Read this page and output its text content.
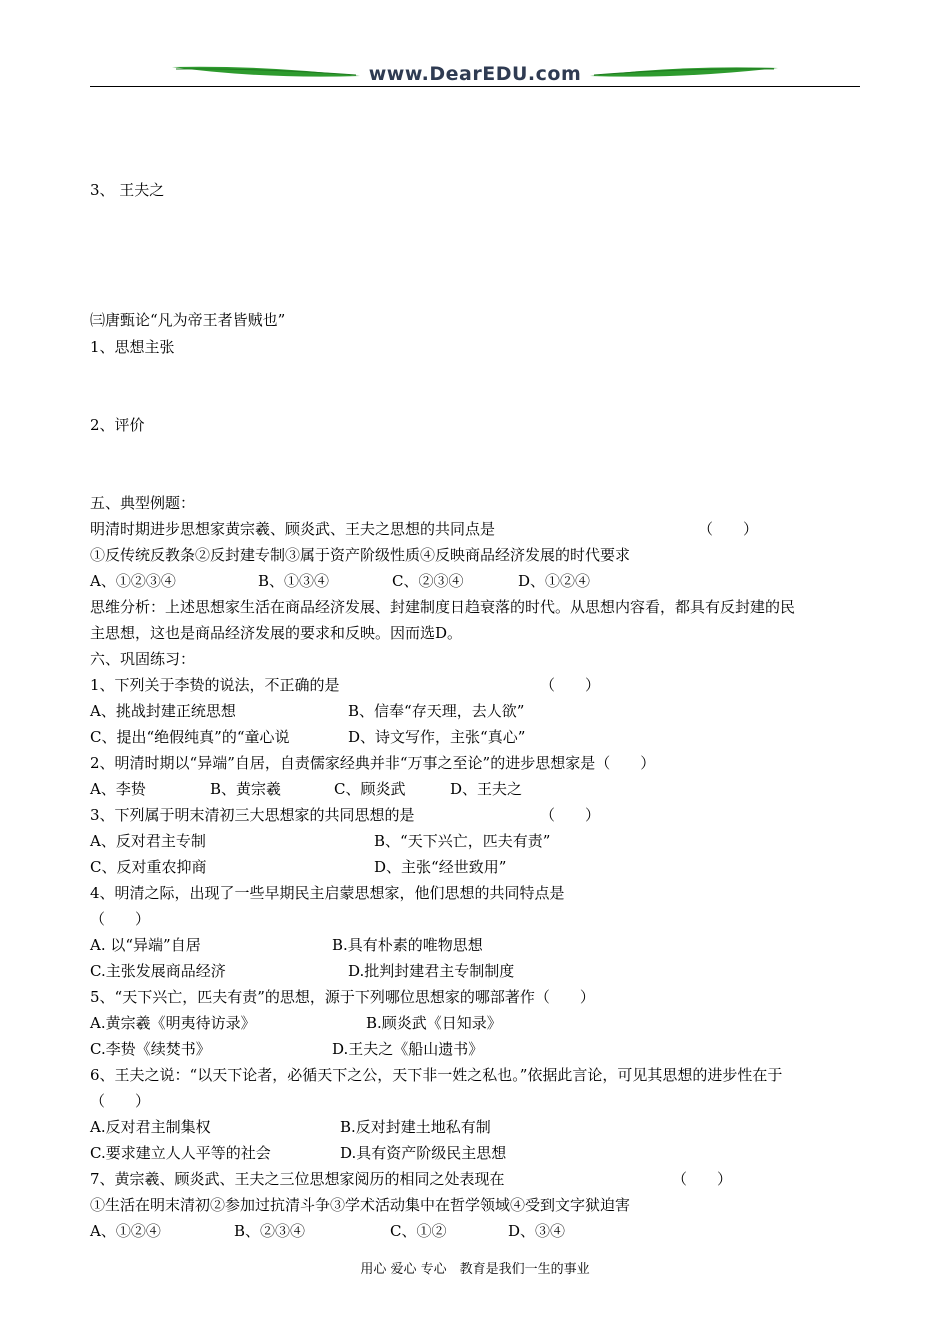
www.DearEDU.com

3、 王夫之

㈢唐甄论“凡为帝王者皆贼也”

1、思想主张

2、评价

五、典型例题：

明清时期进步思想家黄宗羲、顾炎武、王夫之思想的共同点是	（　　）

①反传统反教条②反封建专制③属于资产阶级性质④反映商品经济发展的时代要求

A、①②③④	B、①③④	C、②③④	D、①②④

思维分析：上述思想家生活在商品经济发展、封建制度日趋衰落的时代。从思想内容看，都具有反封建的民

主思想，这也是商品经济发展的要求和反映。因而选D。

六、巩固练习：

1、下列关于李贽的说法，不正确的是	（　　）
A、挑战封建正统思想	B、信奉“存天理，去人欲”
C、提出“绝假纯真”的“童心说	D、诗文写作，主张“真心”

2、明清时期以“异端”自居，自责儒家经典并非“万事之至论”的进步思想家是（　　）

A、李贽	B、黄宗羲	C、顾炎武	D、王夫之
3、下列属于明末清初三大思想家的共同思想的是	（　　）
A、反对君主专制	B、“天下兴亡，匹夫有责”
C、反对重农抑商	D、主张“经世致用”

4、明清之际，出现了一些早期民主启蒙思想家，他们思想的共同特点是

（　　）

A. 以“异端”自居	B.具有朴素的唯物思想
C.主张发展商品经济	D.批判封建君主专制制度

5、“天下兴亡，匹夫有责”的思想，源于下列哪位思想家的哪部著作（　　）

A.黄宗羲《明夷待访录》	B.顾炎武《日知录》
C.李贽《续焚书》	D.王夫之《船山遗书》

6、王夫之说：“以天下论者，必循天下之公，天下非一姓之私也。”依据此言论，可见其思想的进步性在于

（　　）

A.反对君主制集权	B.反对封建土地私有制
C.要求建立人人平等的社会	D.具有资产阶级民主思想
7、黄宗羲、顾炎武、王夫之三位思想家阅历的相同之处表现在	（　　）

①生活在明末清初②参加过抗清斗争③学术活动集中在哲学领域④受到文字狱迫害

A、①②④	B、②③④	C、①②	D、③④
用心 爱心 专心　教育是我们一生的事业
